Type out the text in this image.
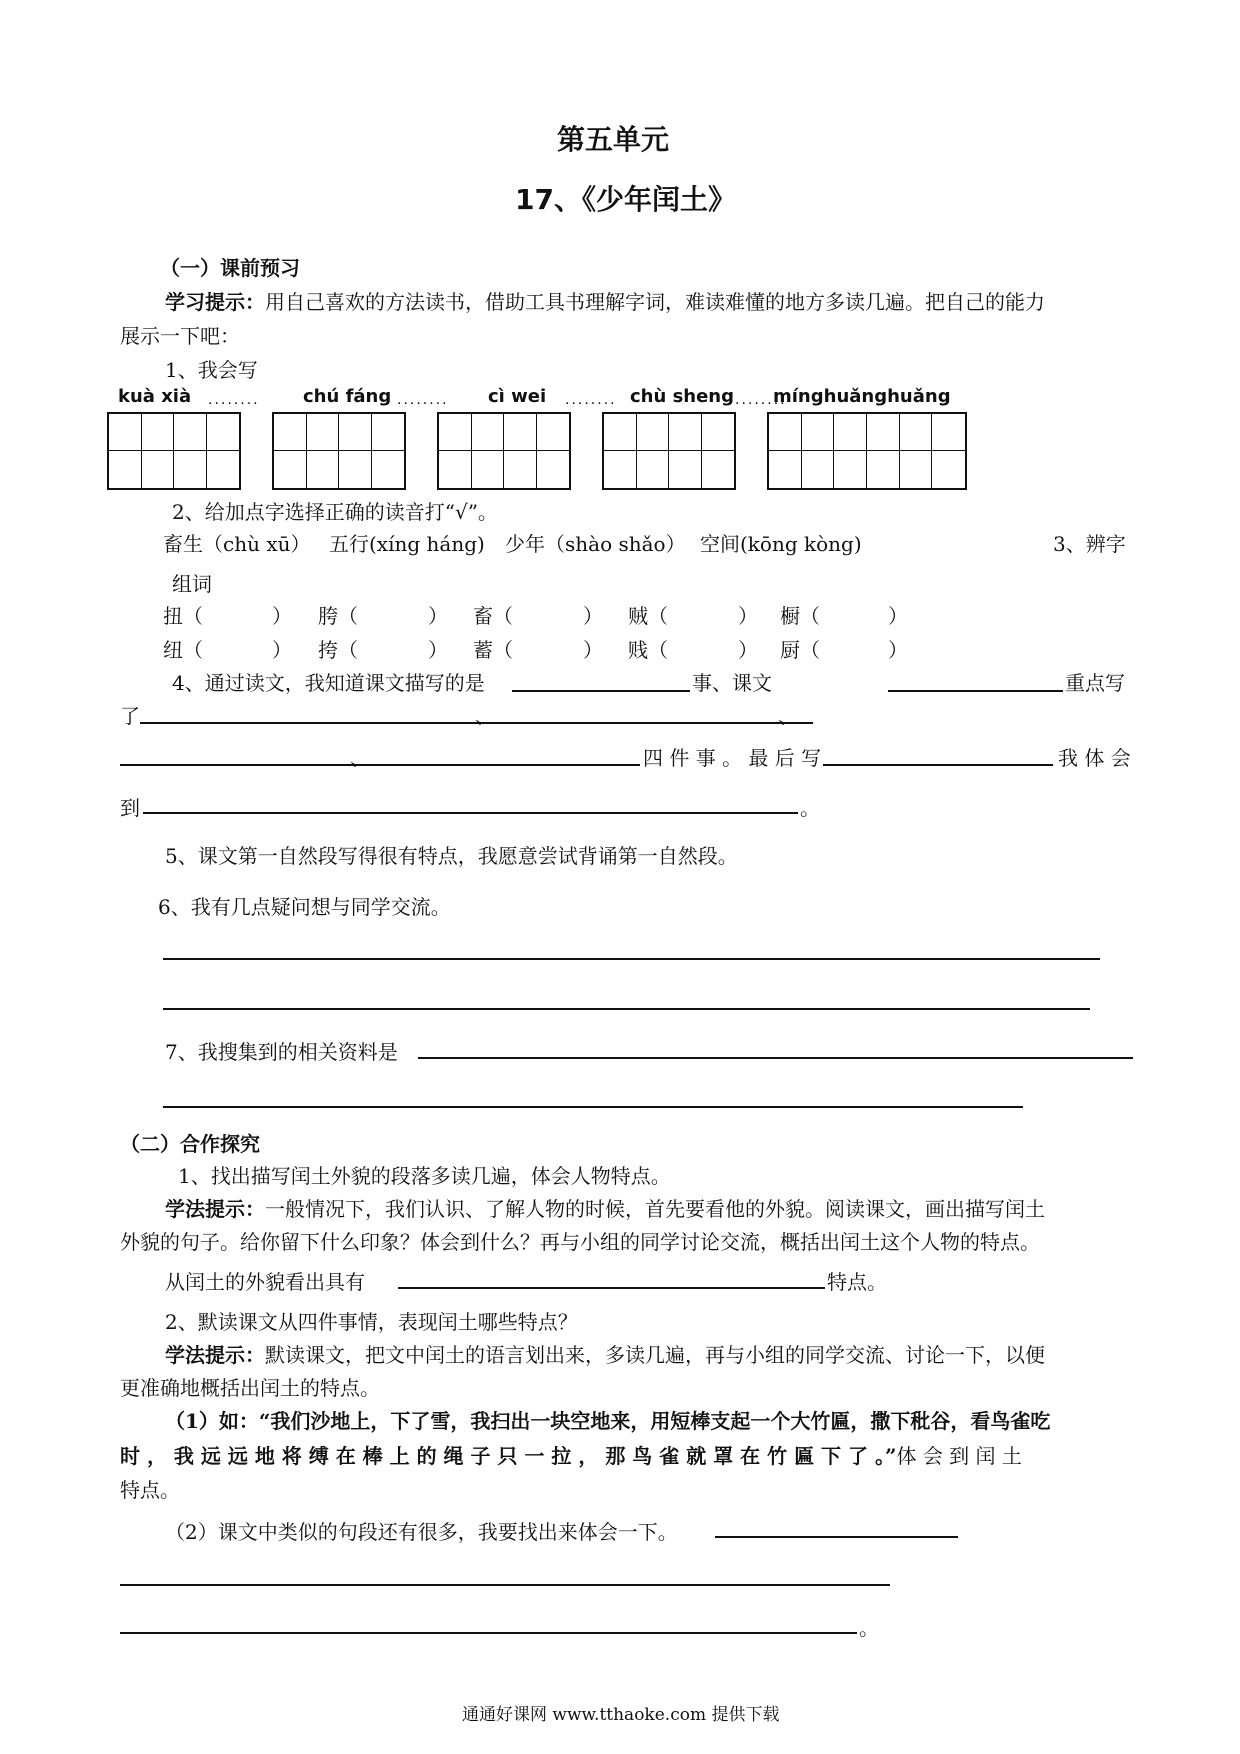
第五单元
17、《少年闰土》
（一）课前预习
学习提示：用自己喜欢的方法读书，借助工具书理解字词，难读难懂的地方多读几遍。把自己的能力
展示一下吧：
1、我会写
kuà xià ........ chú fáng ........ cì wei ........ chù sheng ........
mínghuǎnghuǎng
2、给加点字选择正确的读音打“√”。
畜生（chù xū） 五行(xíng háng) 少年（shào shǎo） 空间(kōng kòng)	3、辨字
组词
扭（	） 胯（	） 畜（	） 贼（	） 橱（	）
纽（	） 挎（	） 蓄（	） 贱（	） 厨（	）
4、通过读文，我知道课文描写的是	事、课文	重点写
了	、	、
、	四 件 事 。 最 后 写	我 体 会
到	。
5、课文第一自然段写得很有特点，我愿意尝试背诵第一自然段。
6、我有几点疑问想与同学交流。
7、我搜集到的相关资料是
（二）合作探究
1、找出描写闰土外貌的段落多读几遍，体会人物特点。
学法提示：一般情况下，我们认识、了解人物的时候，首先要看他的外貌。阅读课文，画出描写闰土
外貌的句子。给你留下什么印象？体会到什么？再与小组的同学讨论交流，概括出闰土这个人物的特点。
从闰土的外貌看出具有	特点。
2、默读课文从四件事情，表现闰土哪些特点？
学法提示：默读课文，把文中闰土的语言划出来，多读几遍，再与小组的同学交流、讨论一下，以便
更准确地概括出闰土的特点。
（1）如：“我们沙地上，下了雪，我扫出一块空地来，用短棒支起一个大竹匾，撒下秕谷，看鸟雀吃
时 ， 我 远 远 地 将 缚 在 棒 上 的 绳 子 只 一 拉 ， 那 鸟 雀 就 罩 在 竹 匾 下 了 。”体 会 到 闰 土
特点。
（2）课文中类似的句段还有很多，我要找出来体会一下。
。
通通好课网 www.tthaoke.com 提供下载
